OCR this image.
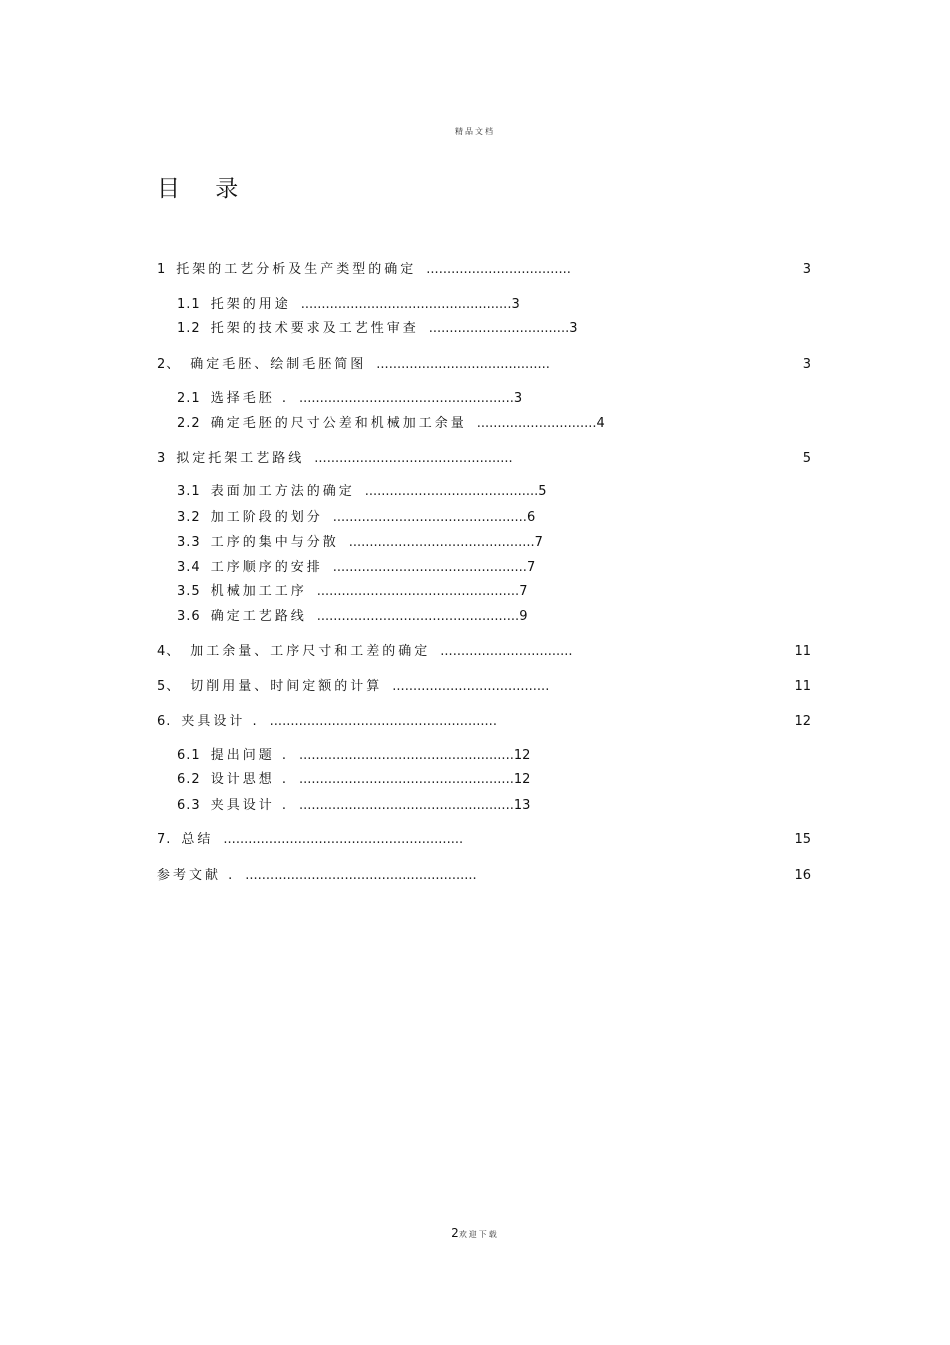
精品文档
目 录
1 托架的工艺分析及生产类型的确定 ...................................	3
1.1 托架的用途 ...................................................3
1.2 托架的技术要求及工艺性审查 ..................................3
2、 确定毛胚、绘制毛胚简图 ..........................................	3
2.1 选择毛胚 . ....................................................3
2.2 确定毛胚的尺寸公差和机械加工余量 .............................4
3 拟定托架工艺路线 ................................................	5
3.1 表面加工方法的确定 ..........................................5
3.2 加工阶段的划分 ...............................................6
3.3 工序的集中与分散 .............................................7
3.4 工序顺序的安排 ...............................................7
3.5 机械加工工序 .................................................7
3.6 确定工艺路线 .................................................9
4、 加工余量、工序尺寸和工差的确定 ................................	11
5、 切削用量、时间定额的计算 ......................................	11
6. 夹具设计 . .......................................................	12
6.1 提出问题 . ....................................................12
6.2 设计思想 . ....................................................12
6.3 夹具设计 . ....................................................13
7. 总结 ..........................................................	15
参考文献 . ........................................................	16
2欢迎下载
